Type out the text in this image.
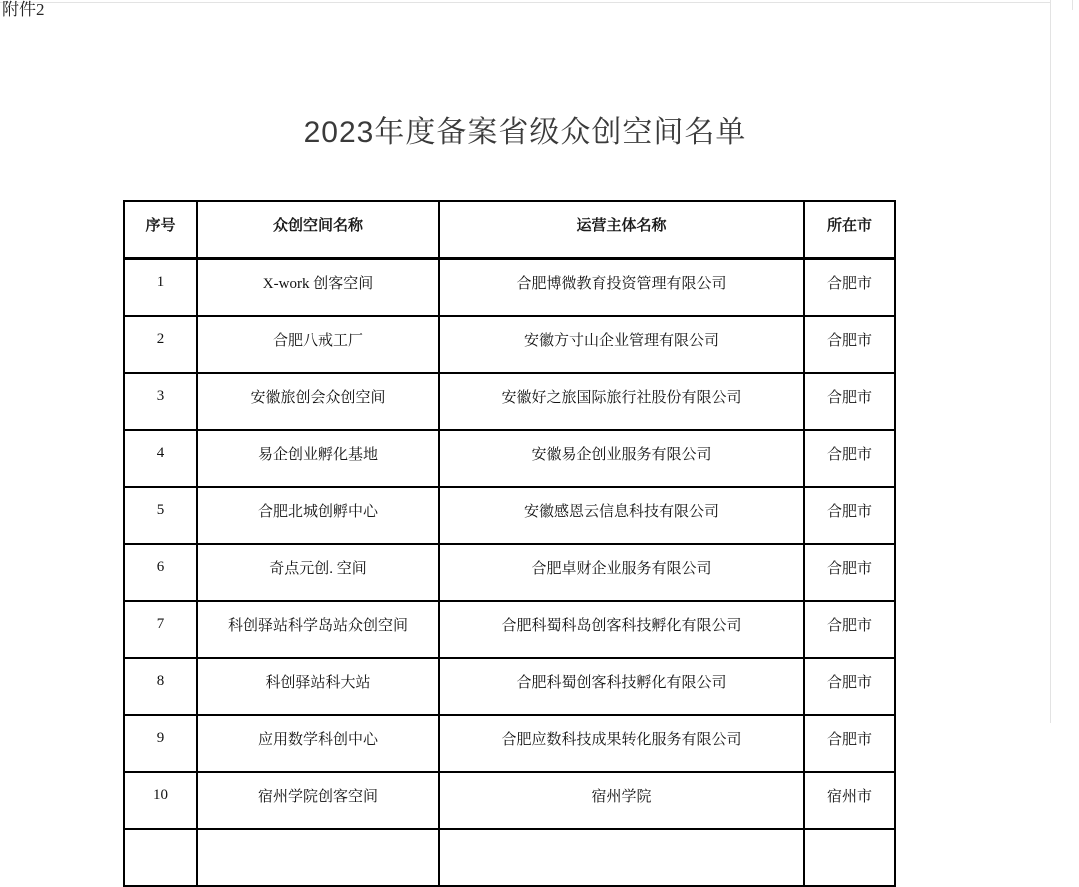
附件2
2023年度备案省级众创空间名单
序号	众创空间名称	运营主体名称	所在市
1	X-work 创客空间	合肥博微教育投资管理有限公司	合肥市
2	合肥八戒工厂	安徽方寸山企业管理有限公司	合肥市
3	安徽旅创会众创空间	安徽好之旅国际旅行社股份有限公司	合肥市
4	易企创业孵化基地	安徽易企创业服务有限公司	合肥市
5	合肥北城创孵中心	安徽感恩云信息科技有限公司	合肥市
6	奇点元创. 空间	合肥卓财企业服务有限公司	合肥市
7	科创驿站科学岛站众创空间	合肥科蜀科岛创客科技孵化有限公司	合肥市
8	科创驿站科大站	合肥科蜀创客科技孵化有限公司	合肥市
9	应用数学科创中心	合肥应数科技成果转化服务有限公司	合肥市
10	宿州学院创客空间	宿州学院	宿州市
